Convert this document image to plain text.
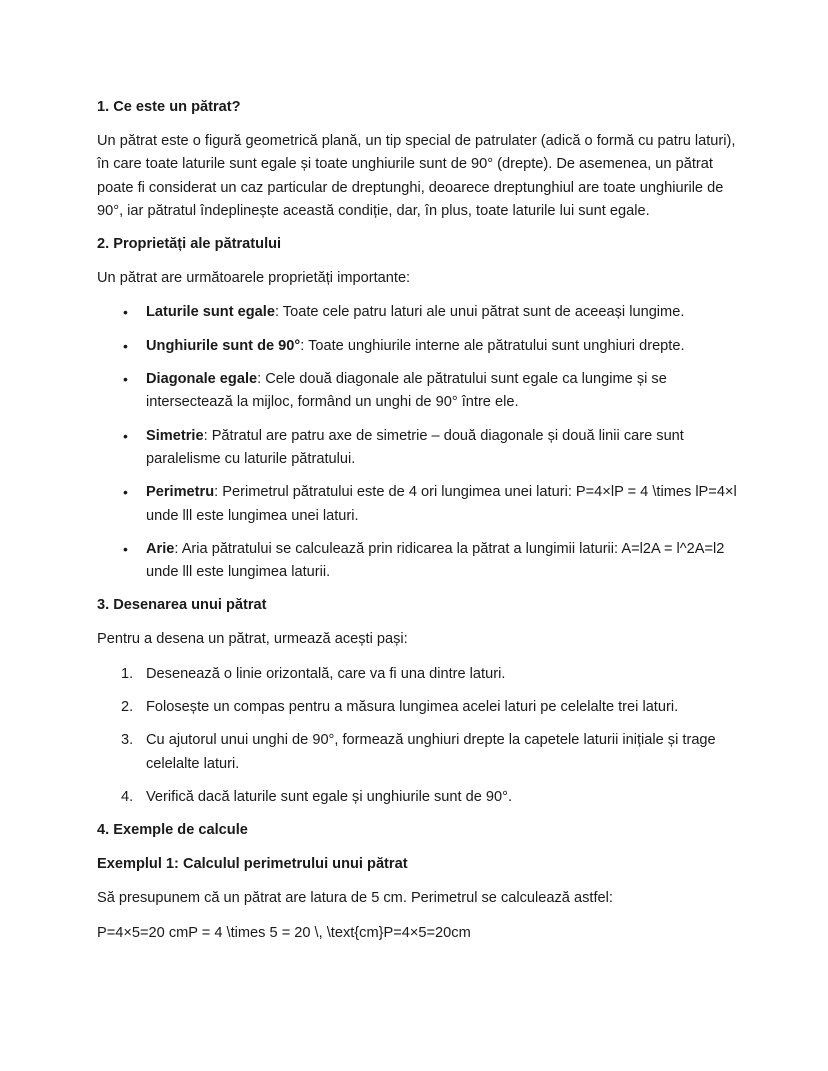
1. Ce este un pătrat?

Un pătrat este o figură geometrică plană, un tip special de patrulater (adică o formă cu patru laturi), în care toate laturile sunt egale și toate unghiurile sunt de 90° (drepte). De asemenea, un pătrat poate fi considerat un caz particular de dreptunghi, deoarece dreptunghiul are toate unghiurile de 90°, iar pătratul îndeplinește această condiție, dar, în plus, toate laturile lui sunt egale.

2. Proprietăți ale pătratului

Un pătrat are următoarele proprietăți importante:

•	Laturile sunt egale: Toate cele patru laturi ale unui pătrat sunt de aceeași lungime.
•	Unghiurile sunt de 90°: Toate unghiurile interne ale pătratului sunt unghiuri drepte.
•	Diagonale egale: Cele două diagonale ale pătratului sunt egale ca lungime și se intersectează la mijloc, formând un unghi de 90° între ele.
•	Simetrie: Pătratul are patru axe de simetrie – două diagonale și două linii care sunt paralelisme cu laturile pătratului.
•	Perimetru: Perimetrul pătratului este de 4 ori lungimea unei laturi: P=4×lP = 4 \times lP=4×l unde lll este lungimea unei laturi.
•	Arie: Aria pătratului se calculează prin ridicarea la pătrat a lungimii laturii: A=l2A = l^2A=l2 unde lll este lungimea laturii.
3. Desenarea unui pătrat

Pentru a desena un pătrat, urmează acești pași:

1. Desenează o linie orizontală, care va fi una dintre laturi.
2. Folosește un compas pentru a măsura lungimea acelei laturi pe celelalte trei laturi.
3. Cu ajutorul unui unghi de 90°, formează unghiuri drepte la capetele laturii inițiale și trage celelalte laturi.
4. Verifică dacă laturile sunt egale și unghiurile sunt de 90°.
4. Exemple de calcule
Exemplul 1: Calculul perimetrului unui pătrat

Să presupunem că un pătrat are latura de 5 cm. Perimetrul se calculează astfel:

P=4×5=20 cmP = 4 \times 5 = 20 \, \text{cm}P=4×5=20cm
